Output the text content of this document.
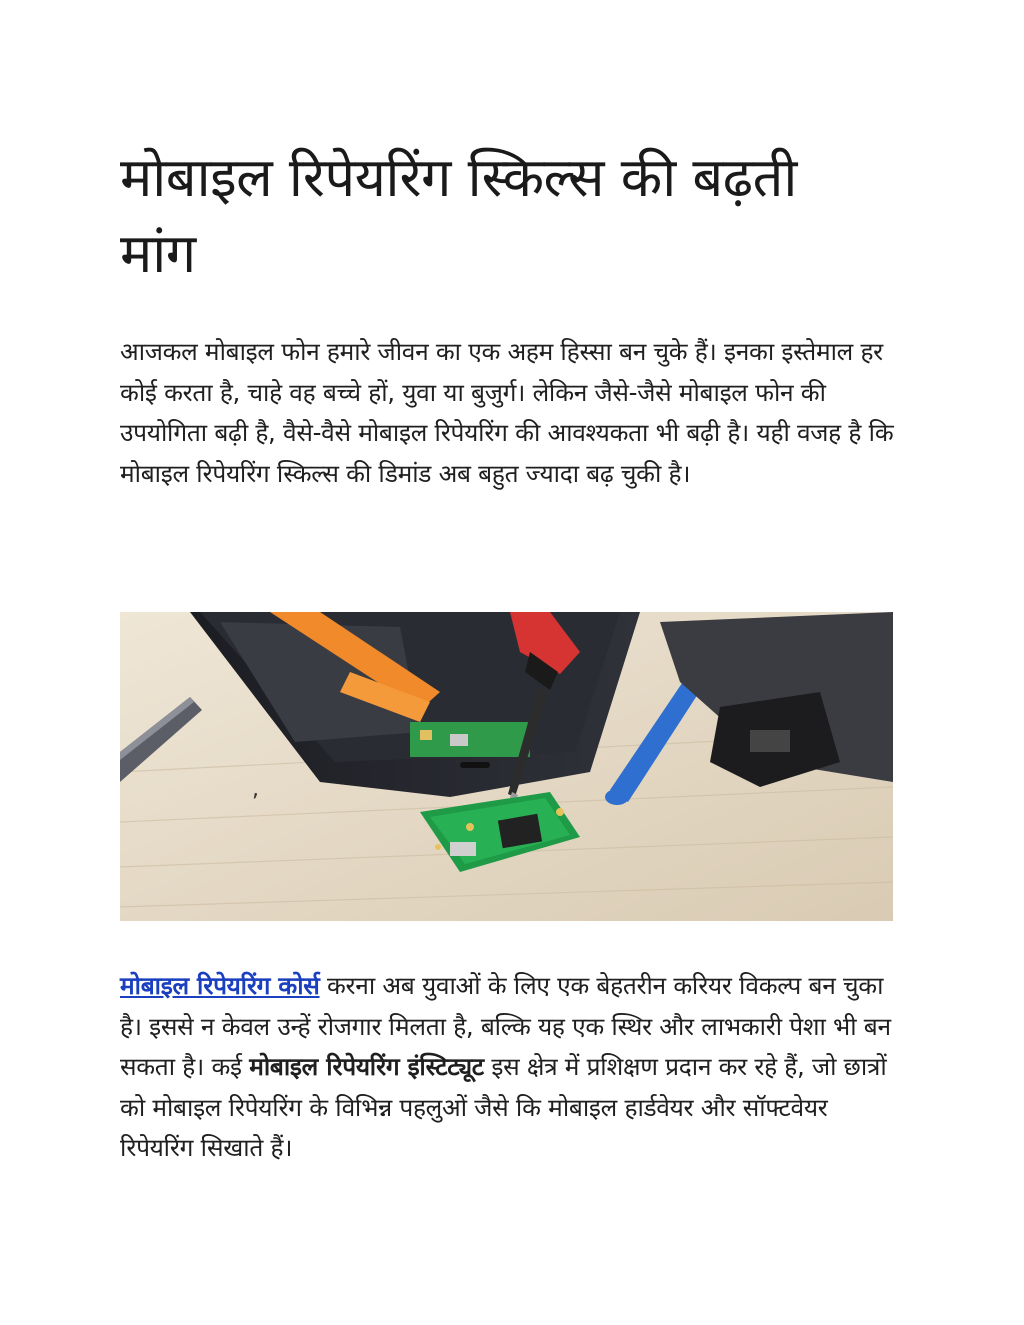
मोबाइल रिपेयरिंग स्किल्स की बढ़ती मांग

आजकल मोबाइल फोन हमारे जीवन का एक अहम हिस्सा बन चुके हैं। इनका इस्तेमाल हर कोई करता है, चाहे वह बच्चे हों, युवा या बुजुर्ग। लेकिन जैसे-जैसे मोबाइल फोन की उपयोगिता बढ़ी है, वैसे-वैसे मोबाइल रिपेयरिंग की आवश्यकता भी बढ़ी है। यही वजह है कि मोबाइल रिपेयरिंग स्किल्स की डिमांड अब बहुत ज्यादा बढ़ चुकी है।

,

मोबाइल रिपेयरिंग कोर्स करना अब युवाओं के लिए एक बेहतरीन करियर विकल्प बन चुका है। इससे न केवल उन्हें रोजगार मिलता है, बल्कि यह एक स्थिर और लाभकारी पेशा भी बन सकता है। कई मोबाइल रिपेयरिंग इंस्टिट्यूट इस क्षेत्र में प्रशिक्षण प्रदान कर रहे हैं, जो छात्रों को मोबाइल रिपेयरिंग के विभिन्न पहलुओं जैसे कि मोबाइल हार्डवेयर और सॉफ्टवेयर रिपेयरिंग सिखाते हैं।
